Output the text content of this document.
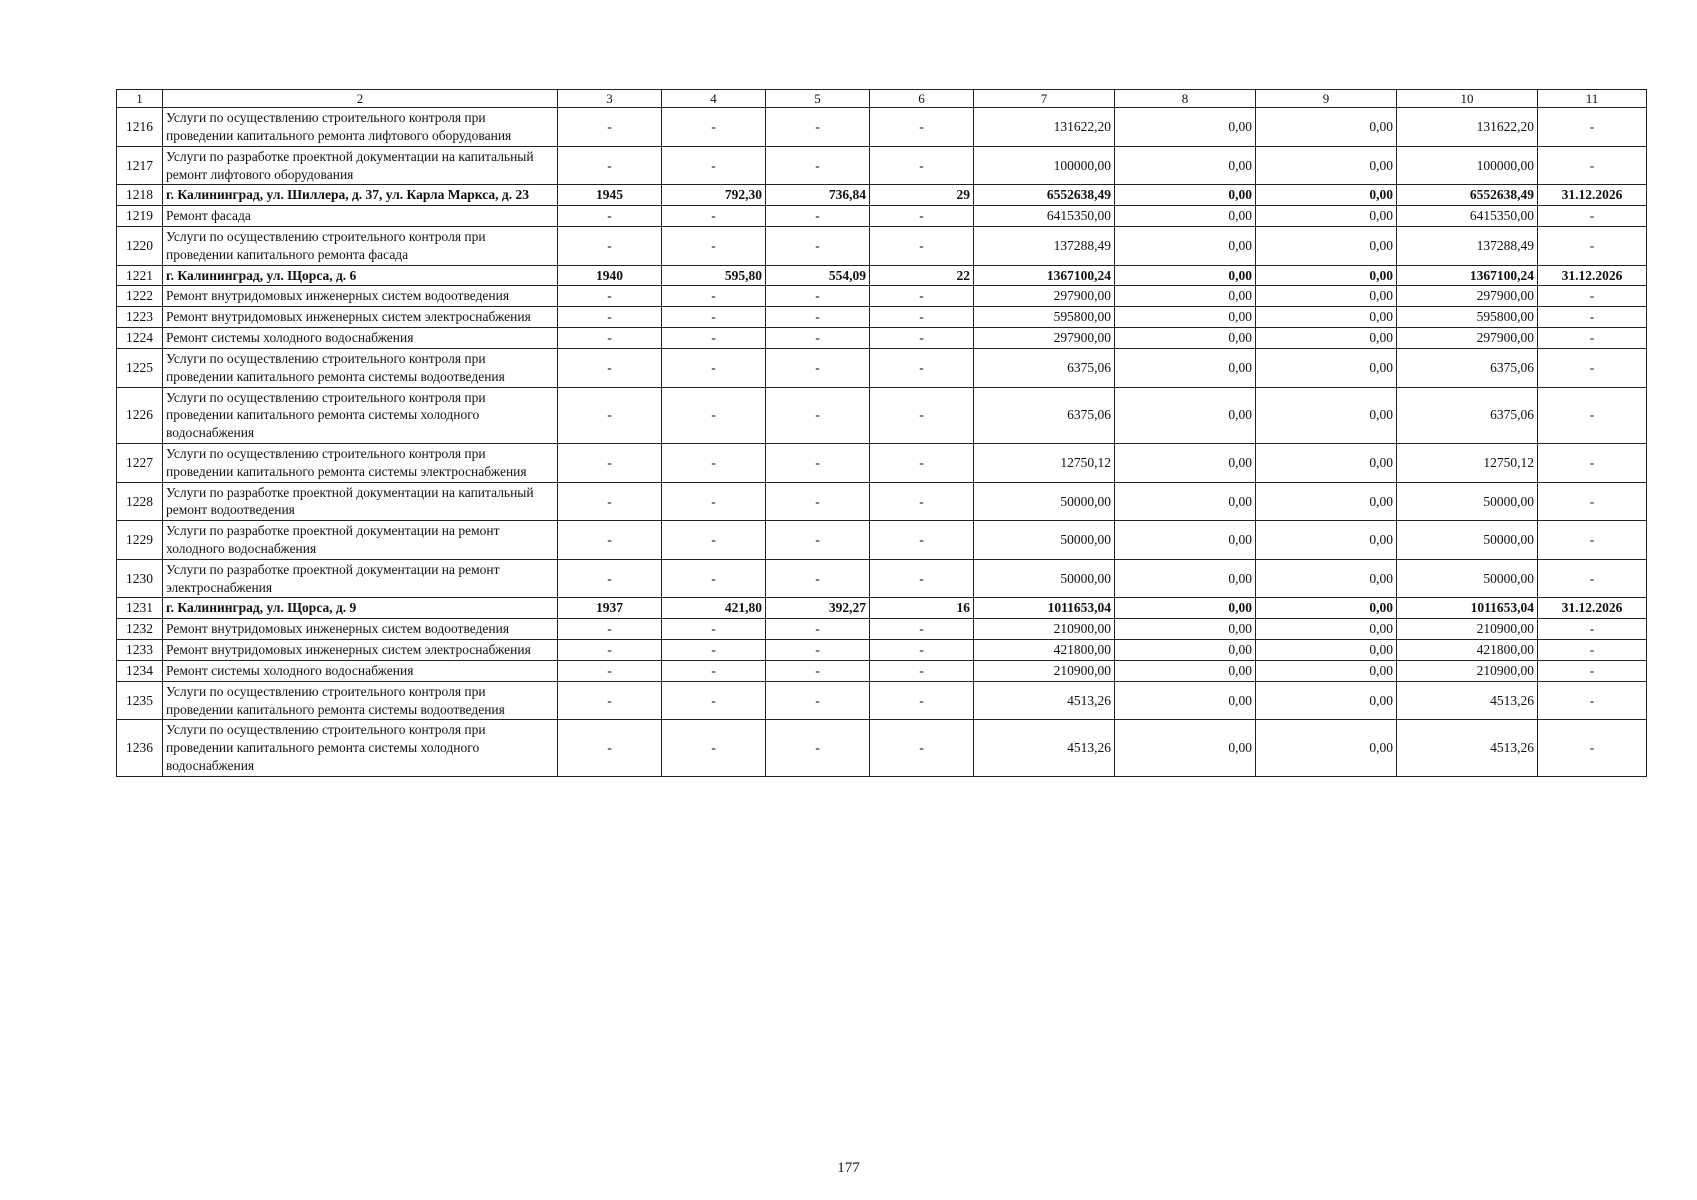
1	2	3	4	5	6	7	8	9	10	11
1216	Услуги по осуществлению строительного контроля при проведении капитального ремонта лифтового оборудования	-	-	-	-	131622,20	0,00	0,00	131622,20	-
1217	Услуги по разработке проектной документации на капитальный ремонт лифтового оборудования	-	-	-	-	100000,00	0,00	0,00	100000,00	-
1218	г. Калининград, ул. Шиллера, д. 37, ул. Карла Маркса, д. 23	1945	792,30	736,84	29	6552638,49	0,00	0,00	6552638,49	31.12.2026
1219	Ремонт фасада	-	-	-	-	6415350,00	0,00	0,00	6415350,00	-
1220	Услуги по осуществлению строительного контроля при проведении капитального ремонта фасада	-	-	-	-	137288,49	0,00	0,00	137288,49	-
1221	г. Калининград, ул. Щорса, д. 6	1940	595,80	554,09	22	1367100,24	0,00	0,00	1367100,24	31.12.2026
1222	Ремонт внутридомовых инженерных систем водоотведения	-	-	-	-	297900,00	0,00	0,00	297900,00	-
1223	Ремонт внутридомовых инженерных систем электроснабжения	-	-	-	-	595800,00	0,00	0,00	595800,00	-
1224	Ремонт системы холодного водоснабжения	-	-	-	-	297900,00	0,00	0,00	297900,00	-
1225	Услуги по осуществлению строительного контроля при проведении капитального ремонта системы водоотведения	-	-	-	-	6375,06	0,00	0,00	6375,06	-
1226	Услуги по осуществлению строительного контроля при проведении капитального ремонта системы холодного водоснабжения	-	-	-	-	6375,06	0,00	0,00	6375,06	-
1227	Услуги по осуществлению строительного контроля при проведении капитального ремонта системы электроснабжения	-	-	-	-	12750,12	0,00	0,00	12750,12	-
1228	Услуги по разработке проектной документации на капитальный ремонт водоотведения	-	-	-	-	50000,00	0,00	0,00	50000,00	-
1229	Услуги по разработке проектной документации на ремонт холодного водоснабжения	-	-	-	-	50000,00	0,00	0,00	50000,00	-
1230	Услуги по разработке проектной документации на ремонт электроснабжения	-	-	-	-	50000,00	0,00	0,00	50000,00	-
1231	г. Калининград, ул. Щорса, д. 9	1937	421,80	392,27	16	1011653,04	0,00	0,00	1011653,04	31.12.2026
1232	Ремонт внутридомовых инженерных систем водоотведения	-	-	-	-	210900,00	0,00	0,00	210900,00	-
1233	Ремонт внутридомовых инженерных систем электроснабжения	-	-	-	-	421800,00	0,00	0,00	421800,00	-
1234	Ремонт системы холодного водоснабжения	-	-	-	-	210900,00	0,00	0,00	210900,00	-
1235	Услуги по осуществлению строительного контроля при проведении капитального ремонта системы водоотведения	-	-	-	-	4513,26	0,00	0,00	4513,26	-
1236	Услуги по осуществлению строительного контроля при проведении капитального ремонта системы холодного водоснабжения	-	-	-	-	4513,26	0,00	0,00	4513,26	-
177
